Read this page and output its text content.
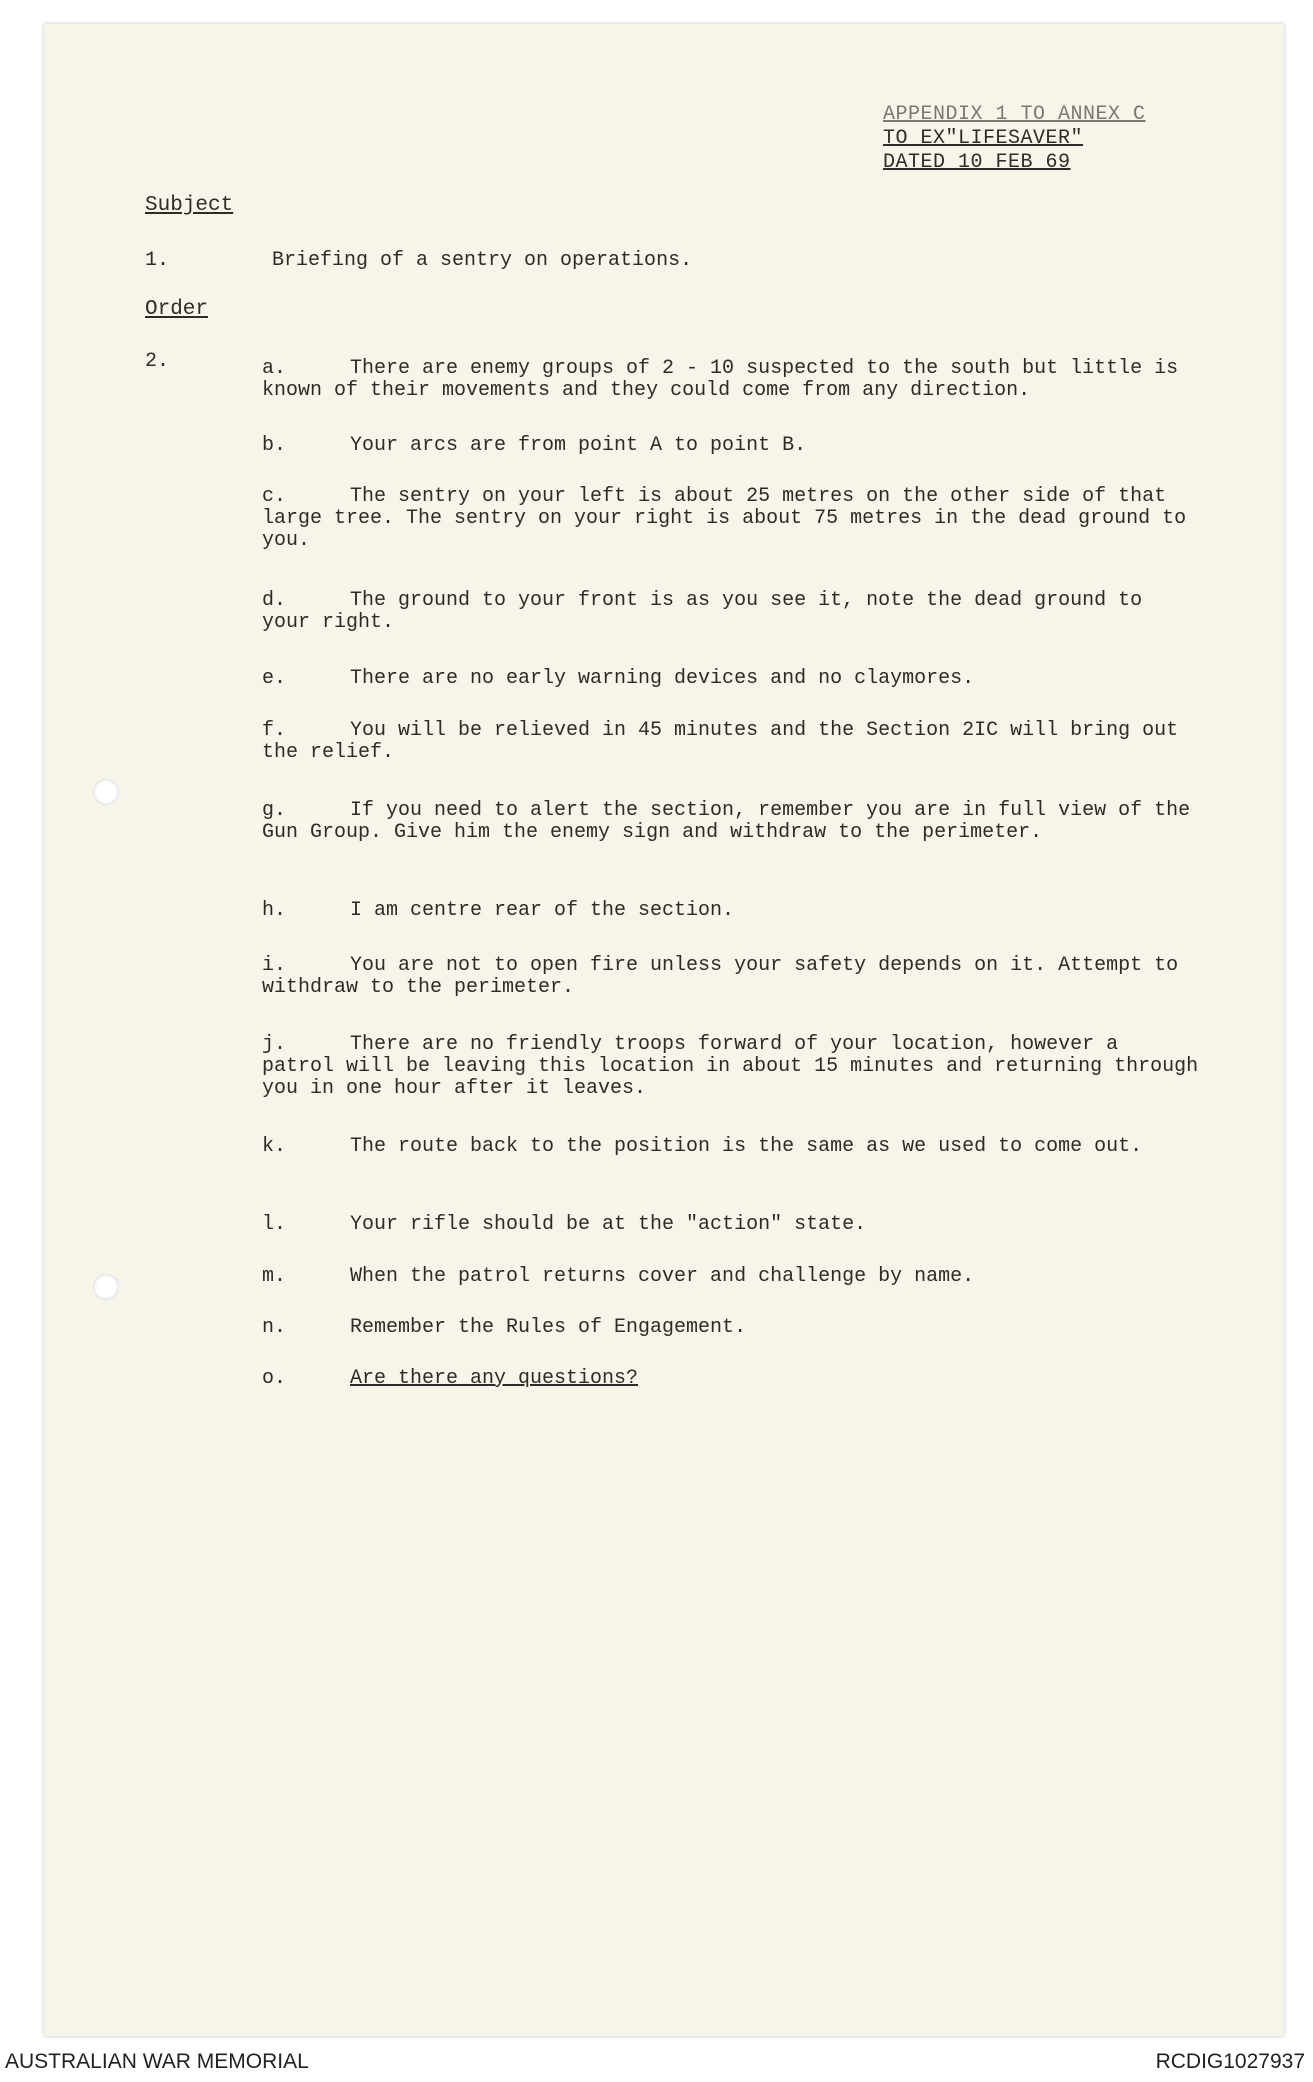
APPENDIX 1 TO ANNEX C
TO EX"LIFESAVER"
DATED 10 FEB 69
Subject
1.	Briefing of a sentry on operations.
Order
2.	a.	There are enemy groups of 2 - 10 suspected to the south but little is known of their movements and they could come from any direction.
b.	Your arcs are from point A to point B.
c.	The sentry on your left is about 25 metres on the other side of that large tree. The sentry on your right is about 75 metres in the dead ground to you.
d.	The ground to your front is as you see it, note the dead ground to your right.
e.	There are no early warning devices and no claymores.
f.	You will be relieved in 45 minutes and the Section 2IC will bring out the relief.
g.	If you need to alert the section, remember you are in full view of the Gun Group. Give him the enemy sign and withdraw to the perimeter.
h.	I am centre rear of the section.
i.	You are not to open fire unless your safety depends on it. Attempt to withdraw to the perimeter.
j.	There are no friendly troops forward of your location, however a patrol will be leaving this location in about 15 minutes and returning through you in one hour after it leaves.
k.	The route back to the position is the same as we used to come out.
l.	Your rifle should be at the "action" state.
m.	When the patrol returns cover and challenge by name.
n.	Remember the Rules of Engagement.
o.	Are there any questions?
AUSTRALIAN WAR MEMORIAL	RCDIG1027937
